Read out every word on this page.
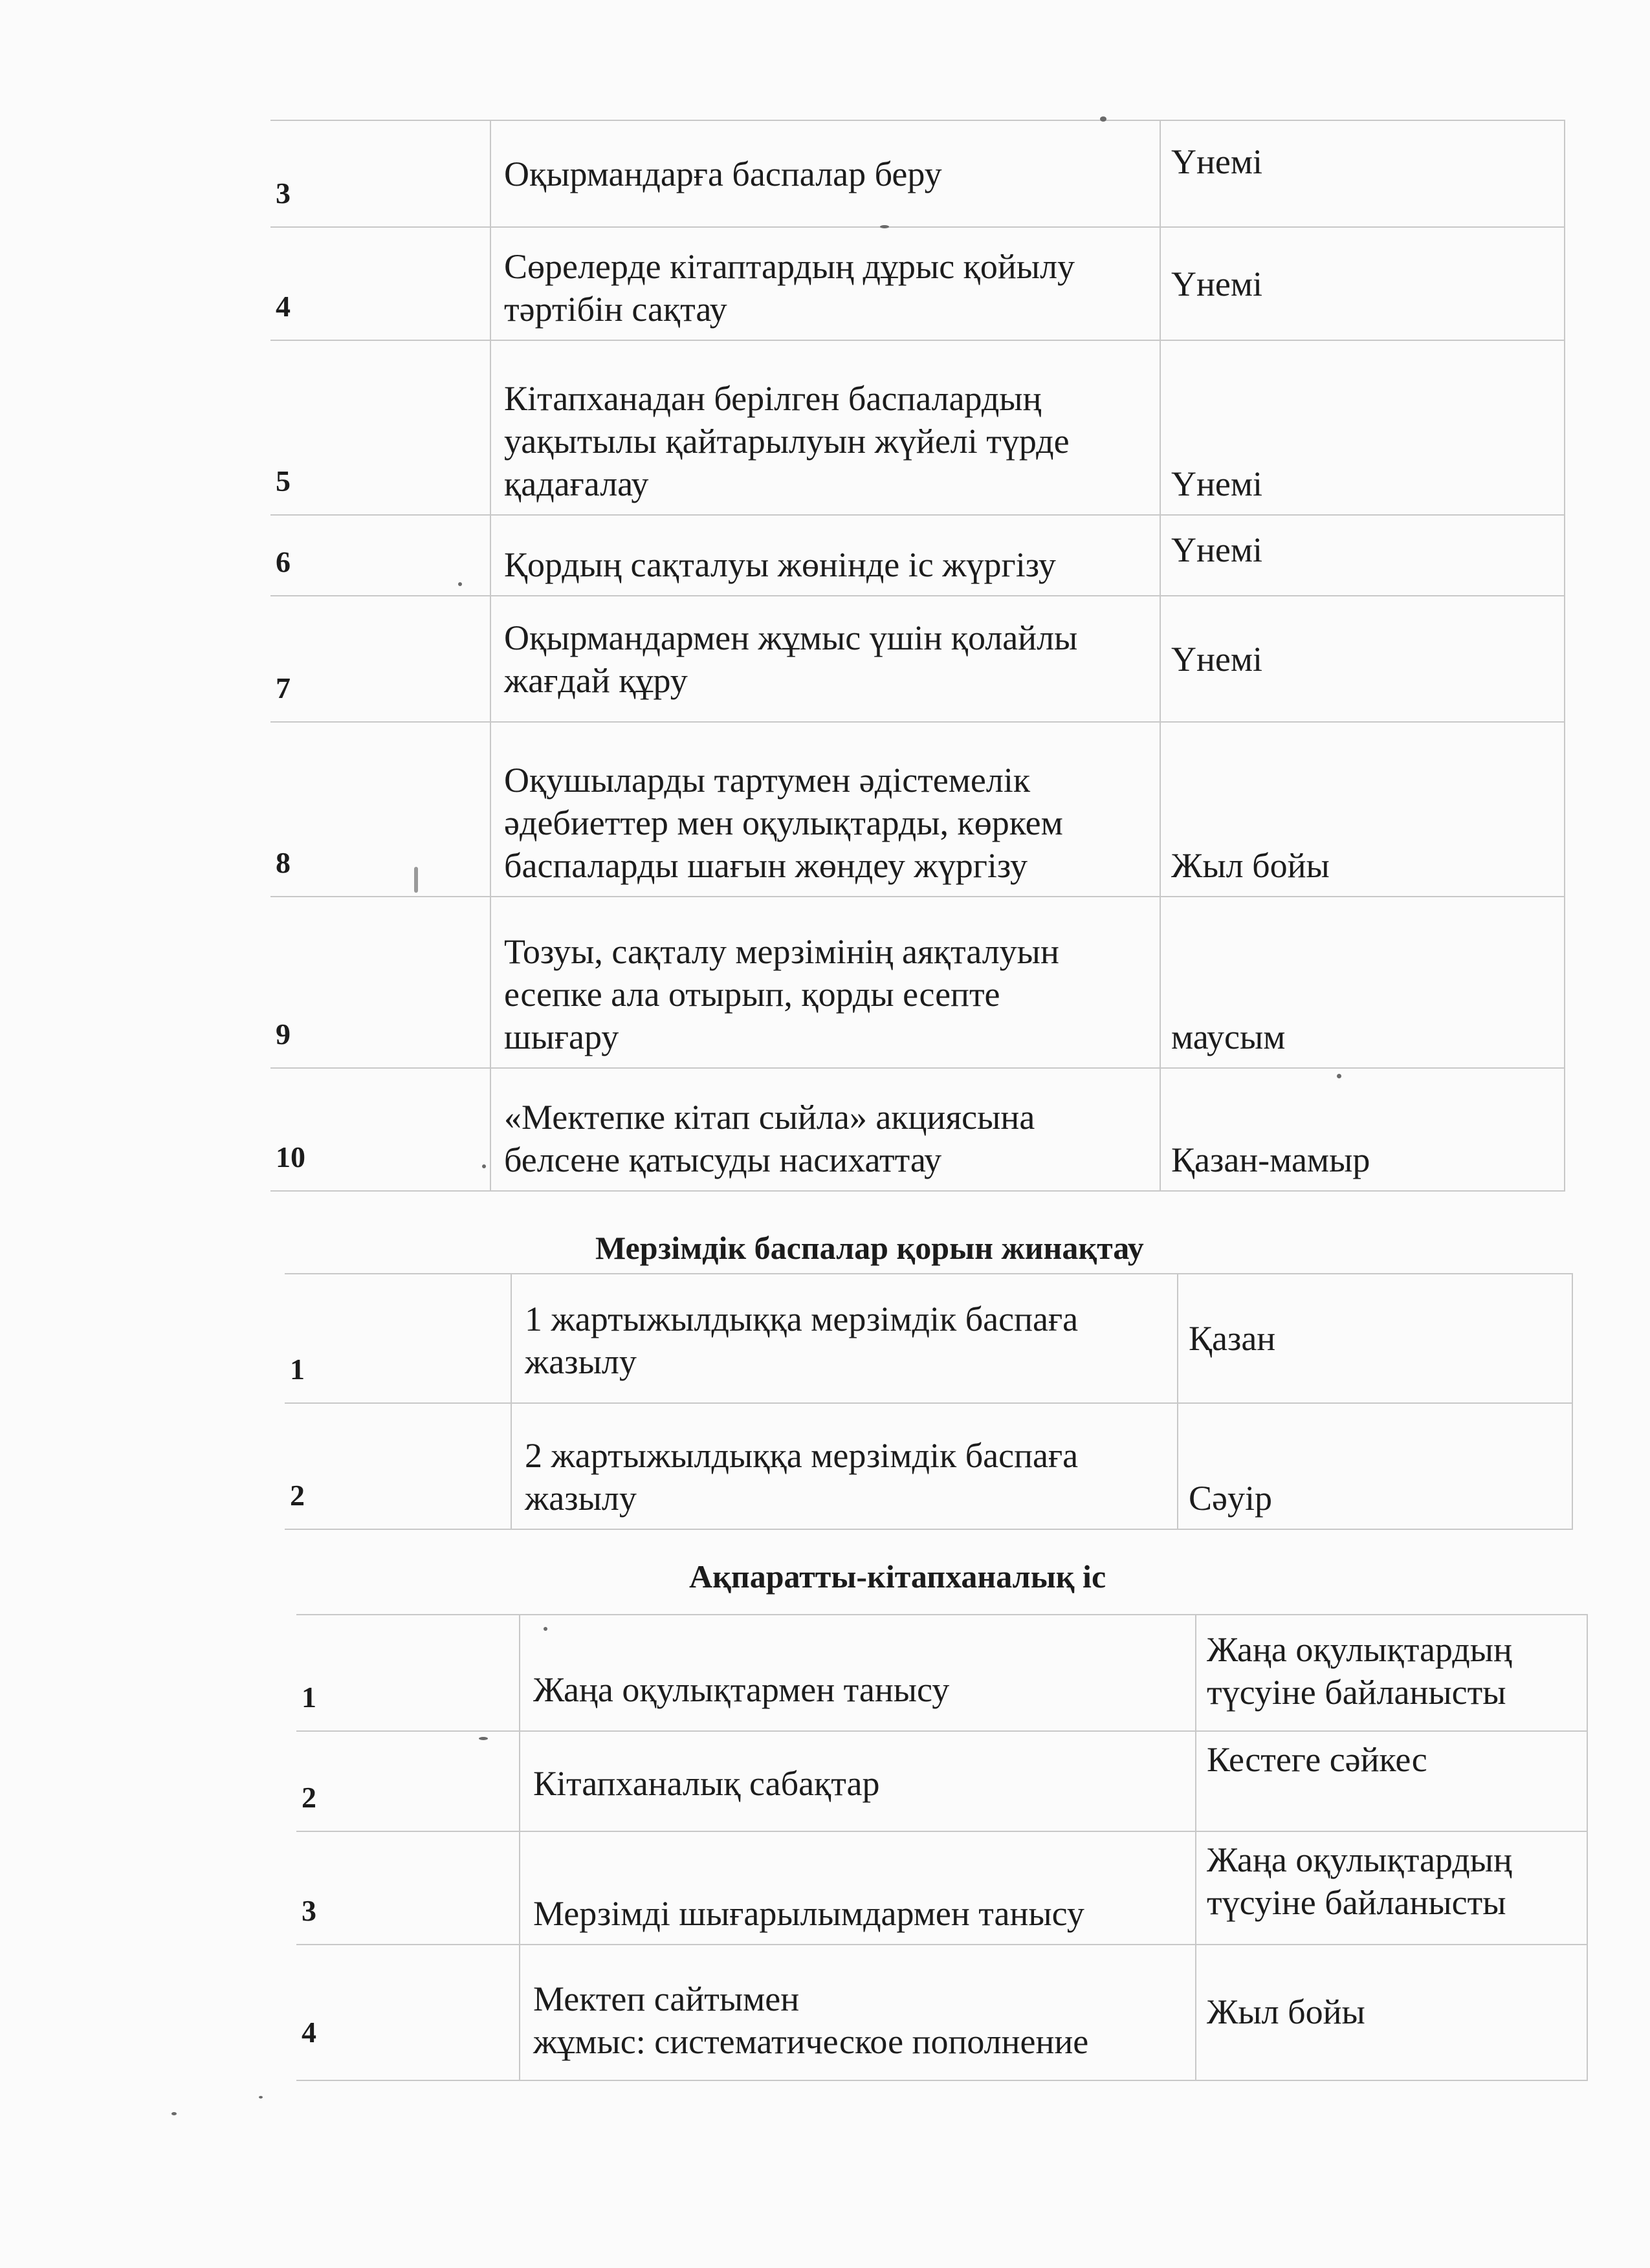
3	Оқырмандарға баспалар беру	Үнемі
4	Сөрелерде кітаптардың дұрыс қойылу
тәртібін сақтау	Үнемі
5	Кітапханадан берілген баспалардың
уақытылы қайтарылуын жүйелі түрде
қадағалау	Үнемі
6	Қордың сақталуы жөнінде іс жүргізу	Үнемі
7	Оқырмандармен жұмыс үшін қолайлы
жағдай құру	Үнемі
8	Оқушыларды тартумен әдістемелік
әдебиеттер мен оқулықтарды, көркем
баспаларды шағын жөндеу жүргізу	Жыл бойы
9	Тозуы, сақталу мерзімінің аяқталуын
есепке ала отырып, қорды есепте
шығару	маусым
10	«Мектепке кітап сыйла» акциясына
белсене қатысуды насихаттау	Қазан-мамыр
Мерзімдік баспалар қорын жинақтау
1	1 жартыжылдыққа мерзімдік баспаға
жазылу	Қазан
2	2 жартыжылдыққа мерзімдік баспаға
жазылу	Сәуір
Ақпаратты-кітапханалық іс
1	Жаңа оқулықтармен танысу	Жаңа оқулықтардың
түсуіне байланысты
2	Кітапханалық сабақтар	Кестеге сәйкес
3	Мерзімді шығарылымдармен танысу	Жаңа оқулықтардың
түсуіне байланысты
4	Мектеп сайтымен
жұмыс: систематическое пополнение	Жыл бойы
